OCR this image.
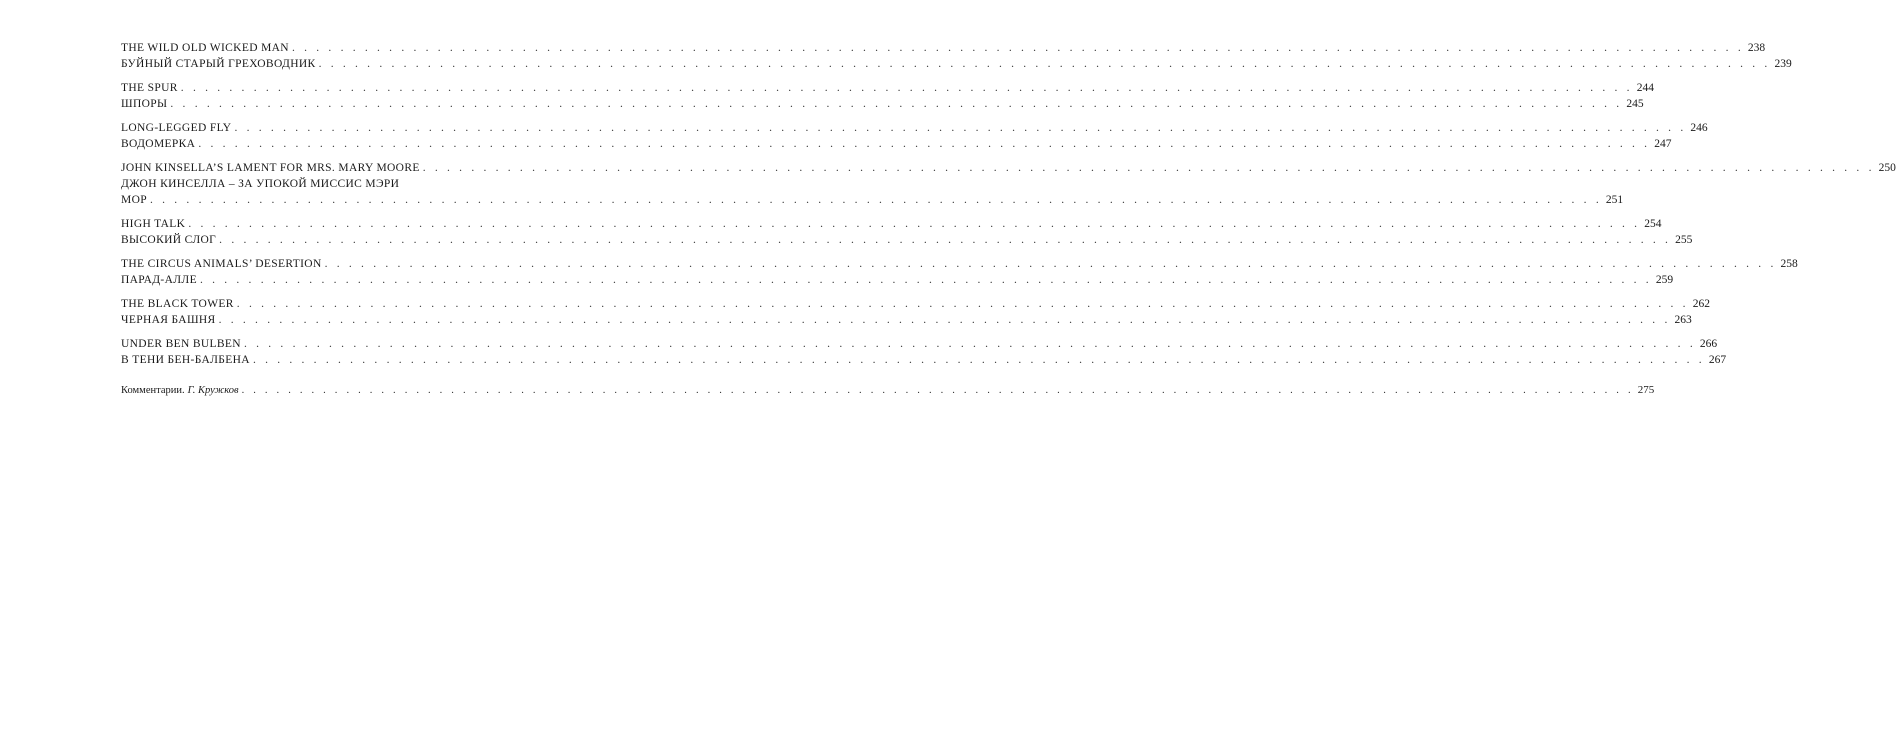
THE WILD OLD WICKED MAN . . . . . . . . . . . . . . . . . . . . . . . . . . . . . . . . . . . . . . . . . . . . . . . . . . . . . . . . . . . . . . . . . . . . . . . . . . . . . . . . . . . . . . . . . . . . . . . . . . . . . . . . . . . . . . . . . . . . . . . . 238
БУЙНЫЙ СТАРЫЙ ГРЕХОВОДНИК . . . . . . . . . . . . . . . . . . . . . . . . . . . . . . . . . . . . . . . . . . . . . . . . . . . . . . . . . . . . . . . . . . . . . . . . . . . . . . . . . . . . . . . . . . . . . . . . . . . . . . . . . . . . . . . . . . . . . . . . 239
THE SPUR . . . . . . . . . . . . . . . . . . . . . . . . . . . . . . . . . . . . . . . . . . . . . . . . . . . . . . . . . . . . . . . . . . . . . . . . . . . . . . . . . . . . . . . . . . . . . . . . . . . . . . . . . . . . . . . . . . . . . . . . 244
ШПОРЫ . . . . . . . . . . . . . . . . . . . . . . . . . . . . . . . . . . . . . . . . . . . . . . . . . . . . . . . . . . . . . . . . . . . . . . . . . . . . . . . . . . . . . . . . . . . . . . . . . . . . . . . . . . . . . . . . . . . . . . . . 245
LONG-LEGGED FLY . . . . . . . . . . . . . . . . . . . . . . . . . . . . . . . . . . . . . . . . . . . . . . . . . . . . . . . . . . . . . . . . . . . . . . . . . . . . . . . . . . . . . . . . . . . . . . . . . . . . . . . . . . . . . . . . . . . . . . . . 246
ВОДОМЕРКА . . . . . . . . . . . . . . . . . . . . . . . . . . . . . . . . . . . . . . . . . . . . . . . . . . . . . . . . . . . . . . . . . . . . . . . . . . . . . . . . . . . . . . . . . . . . . . . . . . . . . . . . . . . . . . . . . . . . . . . . 247
JOHN KINSELLA’S LAMENT FOR MRS. MARY MOORE . . . . . . . . . . . . . . . . . . . . . . . . . . . . . . . . . . . . . . . . . . . . . . . . . . . . . . . . . . . . . . . . . . . . . . . . . . . . . . . . . . . . . . . . . . . . . . . . . . . . . . . . . . . . . . . . . . . . . . . . 250
ДЖОН КИНСЕЛЛА – ЗА УПОКОЙ МИССИС МЭРИ
МОР . . . . . . . . . . . . . . . . . . . . . . . . . . . . . . . . . . . . . . . . . . . . . . . . . . . . . . . . . . . . . . . . . . . . . . . . . . . . . . . . . . . . . . . . . . . . . . . . . . . . . . . . . . . . . . . . . . . . . . . . 251
HIGH TALK . . . . . . . . . . . . . . . . . . . . . . . . . . . . . . . . . . . . . . . . . . . . . . . . . . . . . . . . . . . . . . . . . . . . . . . . . . . . . . . . . . . . . . . . . . . . . . . . . . . . . . . . . . . . . . . . . . . . . . . . 254
ВЫСОКИЙ СЛОГ . . . . . . . . . . . . . . . . . . . . . . . . . . . . . . . . . . . . . . . . . . . . . . . . . . . . . . . . . . . . . . . . . . . . . . . . . . . . . . . . . . . . . . . . . . . . . . . . . . . . . . . . . . . . . . . . . . . . . . . . 255
THE CIRCUS ANIMALS’ DESERTION . . . . . . . . . . . . . . . . . . . . . . . . . . . . . . . . . . . . . . . . . . . . . . . . . . . . . . . . . . . . . . . . . . . . . . . . . . . . . . . . . . . . . . . . . . . . . . . . . . . . . . . . . . . . . . . . . . . . . . . . 258
ПАРАД-АЛЛЕ . . . . . . . . . . . . . . . . . . . . . . . . . . . . . . . . . . . . . . . . . . . . . . . . . . . . . . . . . . . . . . . . . . . . . . . . . . . . . . . . . . . . . . . . . . . . . . . . . . . . . . . . . . . . . . . . . . . . . . . . 259
THE BLACK TOWER . . . . . . . . . . . . . . . . . . . . . . . . . . . . . . . . . . . . . . . . . . . . . . . . . . . . . . . . . . . . . . . . . . . . . . . . . . . . . . . . . . . . . . . . . . . . . . . . . . . . . . . . . . . . . . . . . . . . . . . . 262
ЧЕРНАЯ БАШНЯ . . . . . . . . . . . . . . . . . . . . . . . . . . . . . . . . . . . . . . . . . . . . . . . . . . . . . . . . . . . . . . . . . . . . . . . . . . . . . . . . . . . . . . . . . . . . . . . . . . . . . . . . . . . . . . . . . . . . . . . . 263
UNDER BEN BULBEN . . . . . . . . . . . . . . . . . . . . . . . . . . . . . . . . . . . . . . . . . . . . . . . . . . . . . . . . . . . . . . . . . . . . . . . . . . . . . . . . . . . . . . . . . . . . . . . . . . . . . . . . . . . . . . . . . . . . . . . . 266
В ТЕНИ БЕН-БАЛБЕНА . . . . . . . . . . . . . . . . . . . . . . . . . . . . . . . . . . . . . . . . . . . . . . . . . . . . . . . . . . . . . . . . . . . . . . . . . . . . . . . . . . . . . . . . . . . . . . . . . . . . . . . . . . . . . . . . . . . . . . . . 267
Комментарии. Г. Кружков . . . . . . . . . . . . . . . . . . . . . . . . . . . . . . . . . . . . . . . . . . . . . . . . . . . . . . . . . . . . . . . . . . . . . . . . . . . . . . . . . . . . . . . . . . . . . . . . . . . . . . . . . . . . . . . . . . . . . . . . 275
